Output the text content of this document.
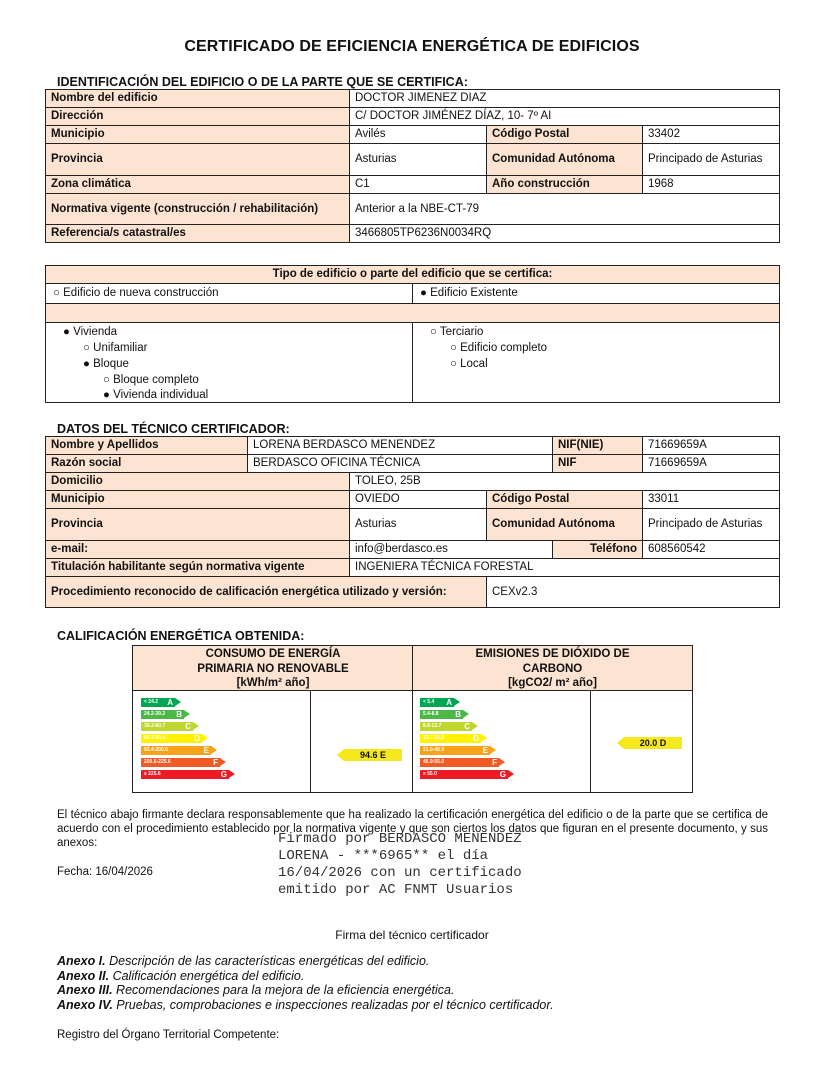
CERTIFICADO DE EFICIENCIA ENERGÉTICA DE EDIFICIOS
IDENTIFICACIÓN DEL EDIFICIO O DE LA PARTE QUE SE CERTIFICA:
Nombre del edificio	DOCTOR JIMENEZ DIAZ		
Dirección	C/ DOCTOR JIMÉNEZ DÍAZ, 10- 7º AI		
Municipio	Avilés	Código Postal	33402
Provincia	Asturias	Comunidad Autónoma	Principado de Asturias
Zona climática	C1	Año construcción	1968
Normativa vigente (construcción / rehabilitación)	Anterior a la NBE-CT-79		
Referencia/s catastral/es	3466805TP6236N0034RQ		
Tipo de edificio o parte del edificio que se certifica:
○ Edificio de nueva construcción	● Edificio Existente
● Vivienda
○ Unifamiliar
● Bloque
○ Bloque completo
● Vivienda individual
○ Terciario
○ Edificio completo
○ Local
DATOS DEL TÉCNICO CERTIFICADOR:
Nombre y Apellidos	LORENA BERDASCO MENENDEZ			NIF(NIE)	71669659A
Razón social	BERDASCO OFICINA TÉCNICA			NIF	71669659A
Domicilio		TOLEO, 25B			
Municipio		OVIEDO	Código Postal		33011
Provincia		Asturias	Comunidad Autónoma		Principado de Asturias
e-mail:		info@berdasco.es		Teléfono	608560542
Titulación habilitante según normativa vigente		INGENIERA TÉCNICA FORESTAL			
Procedimiento reconocido de calificación energética utilizado y versión:			CEXv2.3		
CALIFICACIÓN ENERGÉTICA OBTENIDA:
CONSUMO DE ENERGÍA
PRIMARIA NO RENOVABLE
[kWh/m² año]
EMISIONES DE DIÓXIDO DE
CARBONO
[kgCO2/ m² año]
< 24.2 A
24.2-39.2 B
39.2-60.7	C
60.7-93.4	D
93.4-200.6	E
200.6-225.6	F
≥ 225.6	G
< 5.4 A
5.4-8.8 B
8.8-13.7	C
13.7-21.0	D
21.0-45.9	E
45.9-55.0	F
≥ 55.0	G
94.6 E
20.0 D
El técnico abajo firmante declara responsablemente que ha realizado la certificación energética del edificio o de la parte que se certifica de acuerdo con el procedimiento establecido por la normativa vigente y que son ciertos los datos que figuran en el presente documento, y sus anexos:
Fecha: 16/04/2026
Firmado por BERDASCO MENENDEZ
LORENA - ***6965** el día
16/04/2026 con un certificado
emitido por AC FNMT Usuarios
Firma del técnico certificador
Anexo I. Descripción de las características energéticas del edificio.
Anexo II. Calificación energética del edificio.
Anexo III. Recomendaciones para la mejora de la eficiencia energética.
Anexo IV. Pruebas, comprobaciones e inspecciones realizadas por el técnico certificador.
Registro del Órgano Territorial Competente:
